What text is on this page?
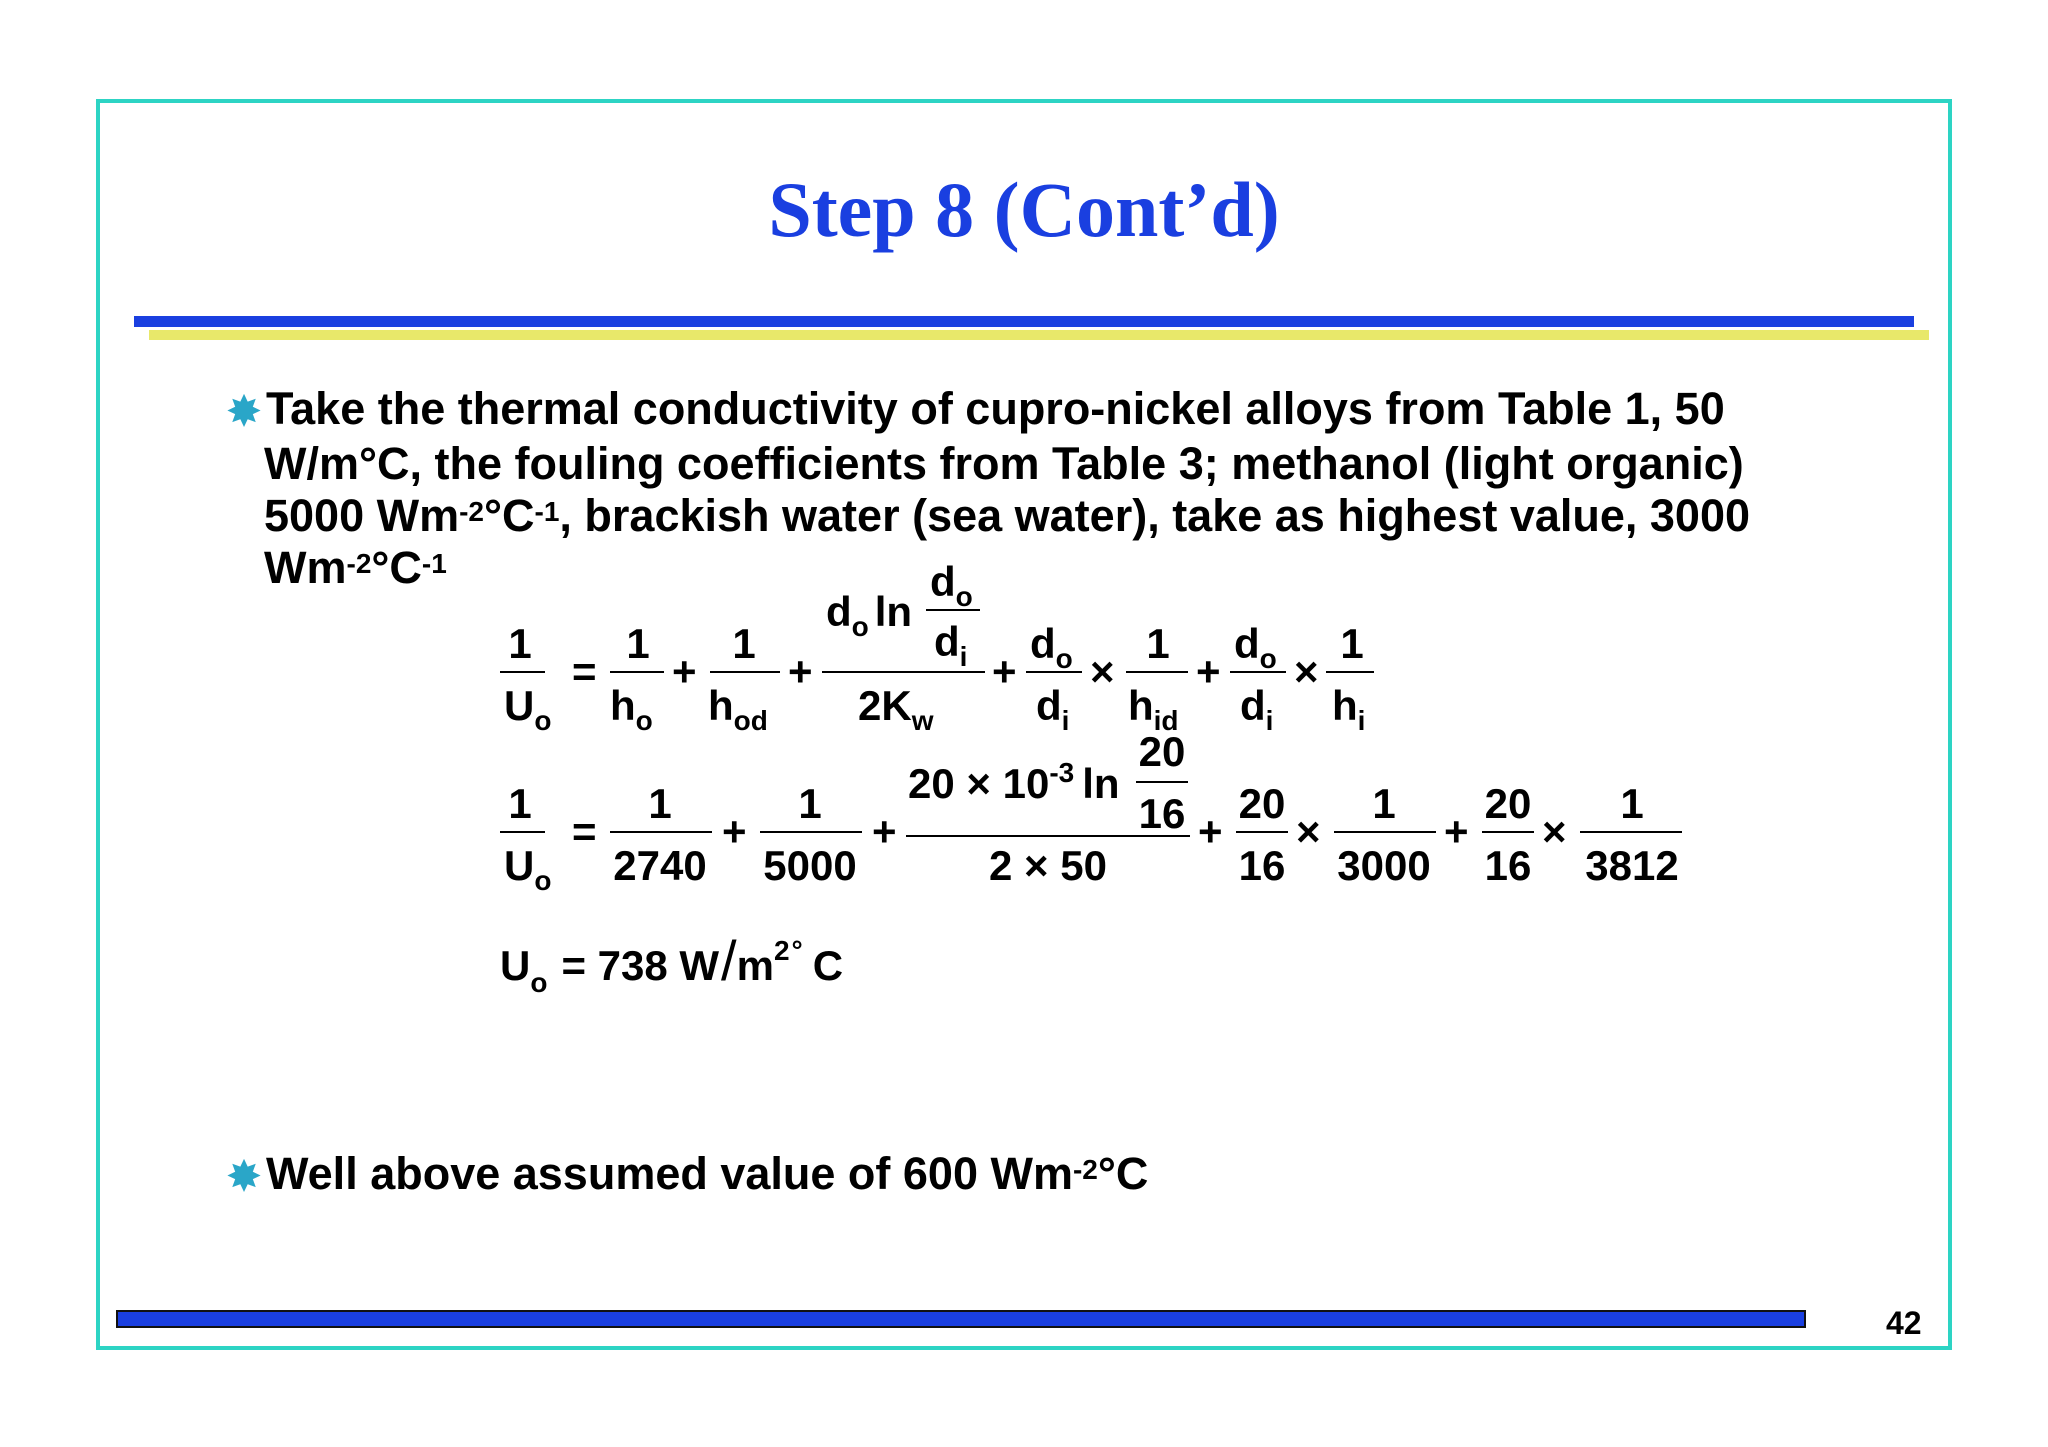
Step 8 (Cont’d)
✸ Take the thermal conductivity of cupro-nickel alloys from Table 1, 50
W/m°C, the fouling coefficients from Table 3; methanol (light organic)
5000 $Wm^{-2}^\circ C^{-1}$, brackish water (sea water), take as highest value, 3000
$Wm^{-2}^\circ C^{-1}$
1
$U_o$
=
1
$h_o$
+
1
$h_{od}$
+
$d_o$ ln
$d_o$
$d_i$
$2K_w$
+
$d_o$
$d_i$
×
1
$h_{id}$
+
$d_o$
$d_i$
×
1
$h_i$
1
$U_o$
=
1
2740
+
1
5000
+
$20 \times 10^{-3}$ ln
20
16
2 × 50
+
20
16
×
1
3000
+
20
16
×
1
3812
$U_o = 738$ $W/m^2^\circ$ C
✸ Well above assumed value of 600 $Wm^{-2}^\circ C$
42
